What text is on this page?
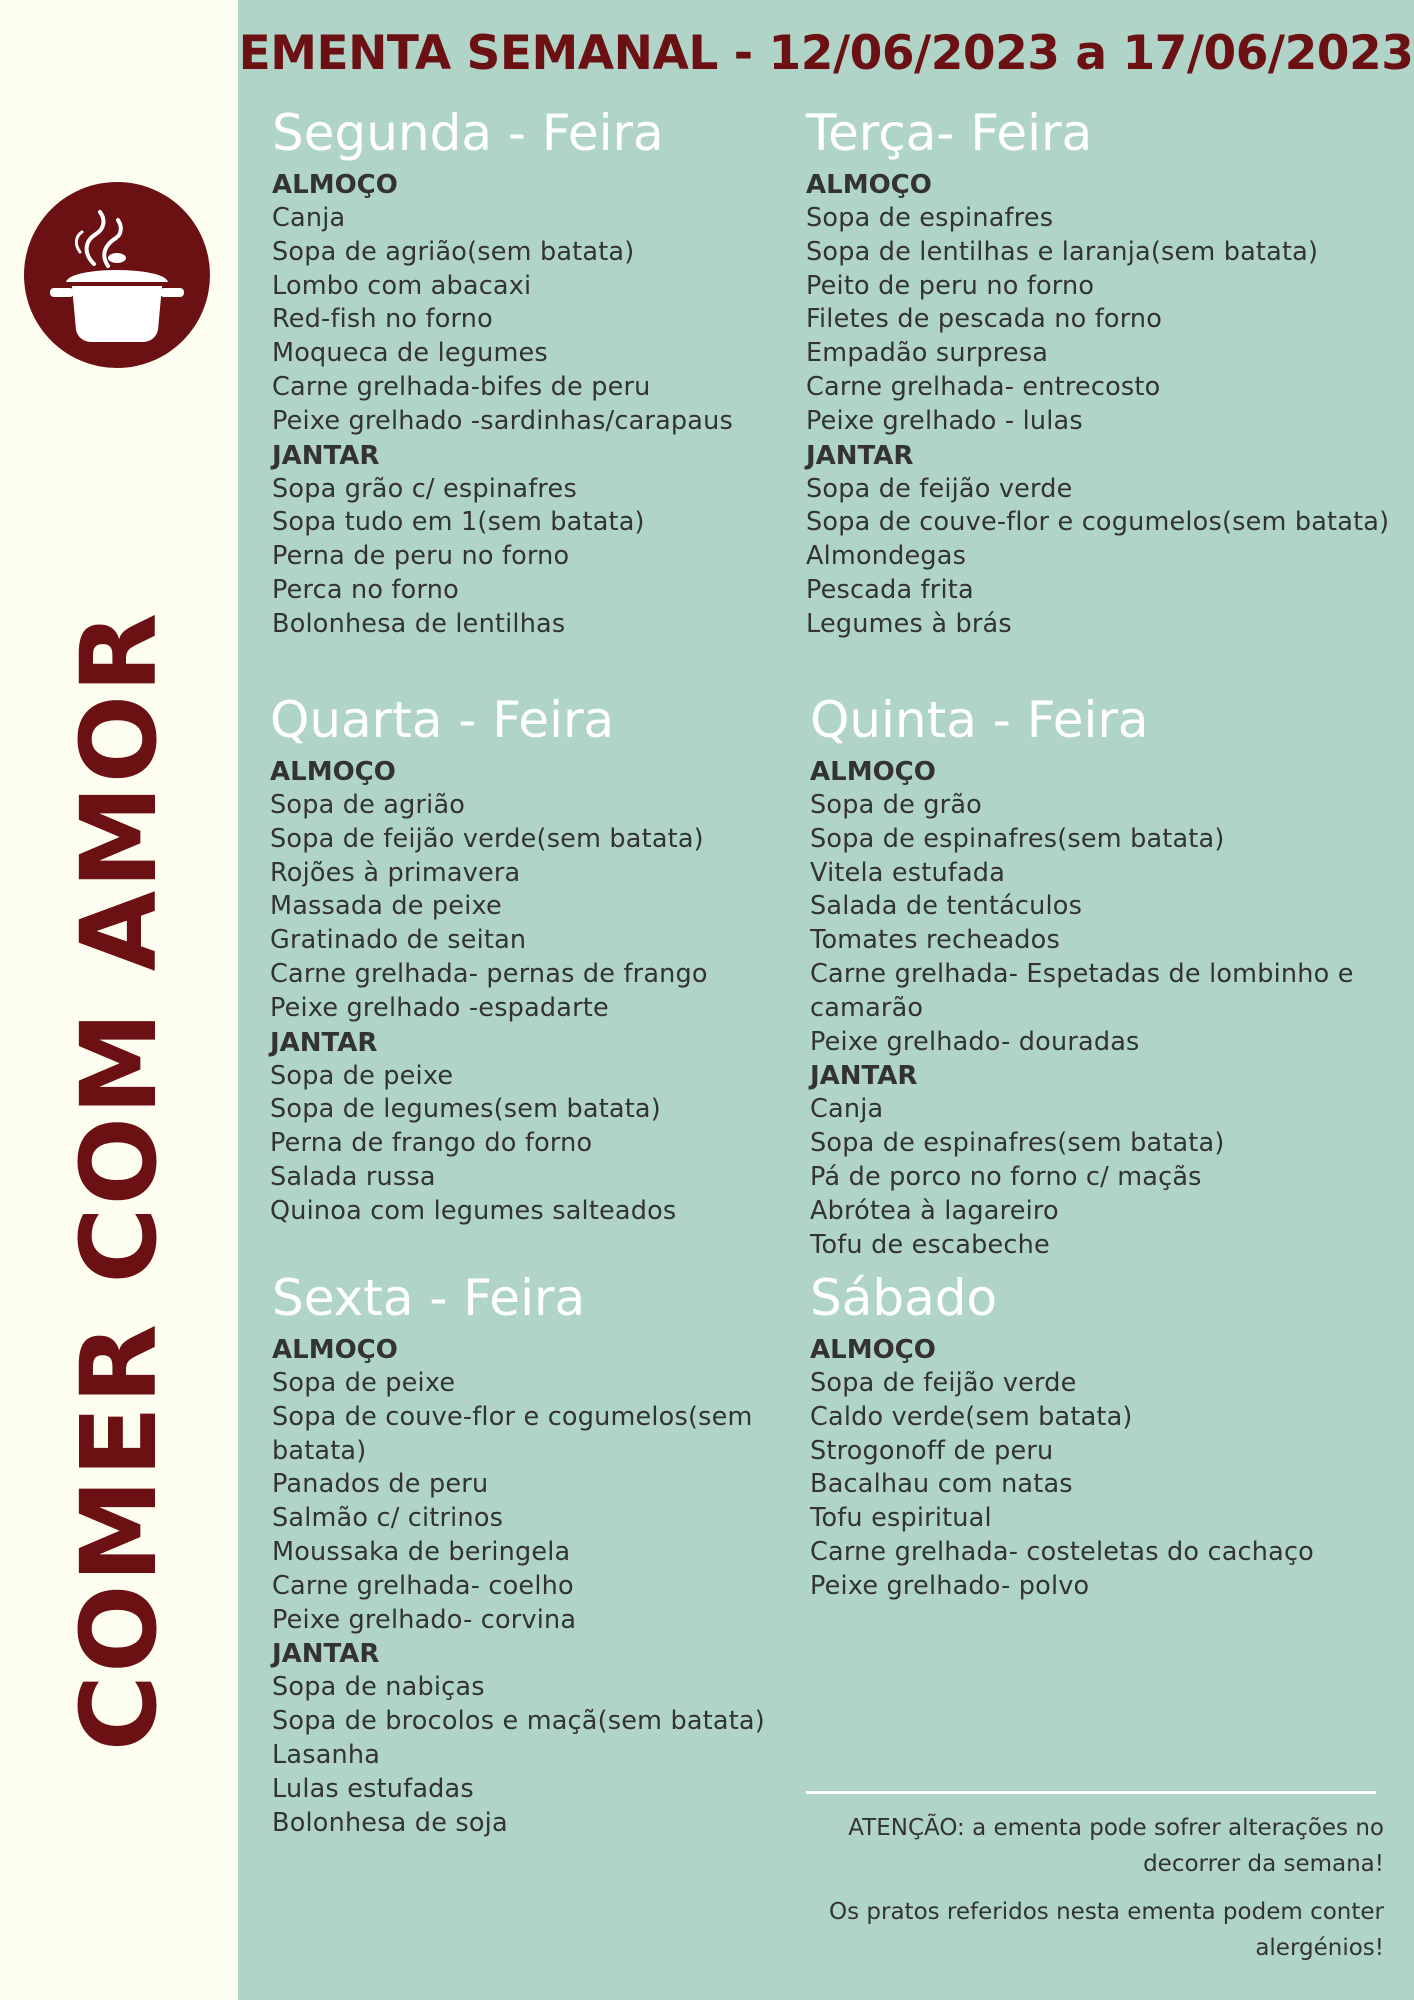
COMER COM AMOR
EMENTA SEMANAL - 12/06/2023 a 17/06/2023
Segunda - Feira
ALMOÇO
Canja
Sopa de agrião(sem batata)
Lombo com abacaxi
Red-fish no forno
Moqueca de legumes
Carne grelhada-bifes de peru
Peixe grelhado -sardinhas/carapaus
JANTAR
Sopa grão c/ espinafres
Sopa tudo em 1(sem batata)
Perna de peru no forno
Perca no forno
Bolonhesa de lentilhas
Terça- Feira
ALMOÇO
Sopa de espinafres
Sopa de lentilhas e laranja(sem batata)
Peito de peru no forno
Filetes de pescada no forno
Empadão surpresa
Carne grelhada- entrecosto
Peixe grelhado - lulas
JANTAR
Sopa de feijão verde
Sopa de couve-flor e cogumelos(sem batata)
Almondegas
Pescada frita
Legumes à brás
Quarta - Feira
ALMOÇO
Sopa de agrião
Sopa de feijão verde(sem batata)
Rojões à primavera
Massada de peixe
Gratinado de seitan
Carne grelhada- pernas de frango
Peixe grelhado -espadarte
JANTAR
Sopa de peixe
Sopa de legumes(sem batata)
Perna de frango do forno
Salada russa
Quinoa com legumes salteados
Quinta - Feira
ALMOÇO
Sopa de grão
Sopa de espinafres(sem batata)
Vitela estufada
Salada de tentáculos
Tomates recheados
Carne grelhada- Espetadas de lombinho e camarão
Peixe grelhado- douradas
JANTAR
Canja
Sopa de espinafres(sem batata)
Pá de porco no forno c/ maçãs
Abrótea à lagareiro
Tofu de escabeche
Sexta - Feira
ALMOÇO
Sopa de peixe
Sopa de couve-flor e cogumelos(sem batata)
Panados de peru
Salmão c/ citrinos
Moussaka de beringela
Carne grelhada- coelho
Peixe grelhado- corvina
JANTAR
Sopa de nabiças
Sopa de brocolos e maçã(sem batata)
Lasanha
Lulas estufadas
Bolonhesa de soja
Sábado
ALMOÇO
Sopa de feijão verde
Caldo verde(sem batata)
Strogonoff de peru
Bacalhau com natas
Tofu espiritual
Carne grelhada- costeletas do cachaço
Peixe grelhado- polvo

ATENÇÃO: a ementa pode sofrer alterações no decorrer da semana!

Os pratos referidos nesta ementa podem conter alergénios!
